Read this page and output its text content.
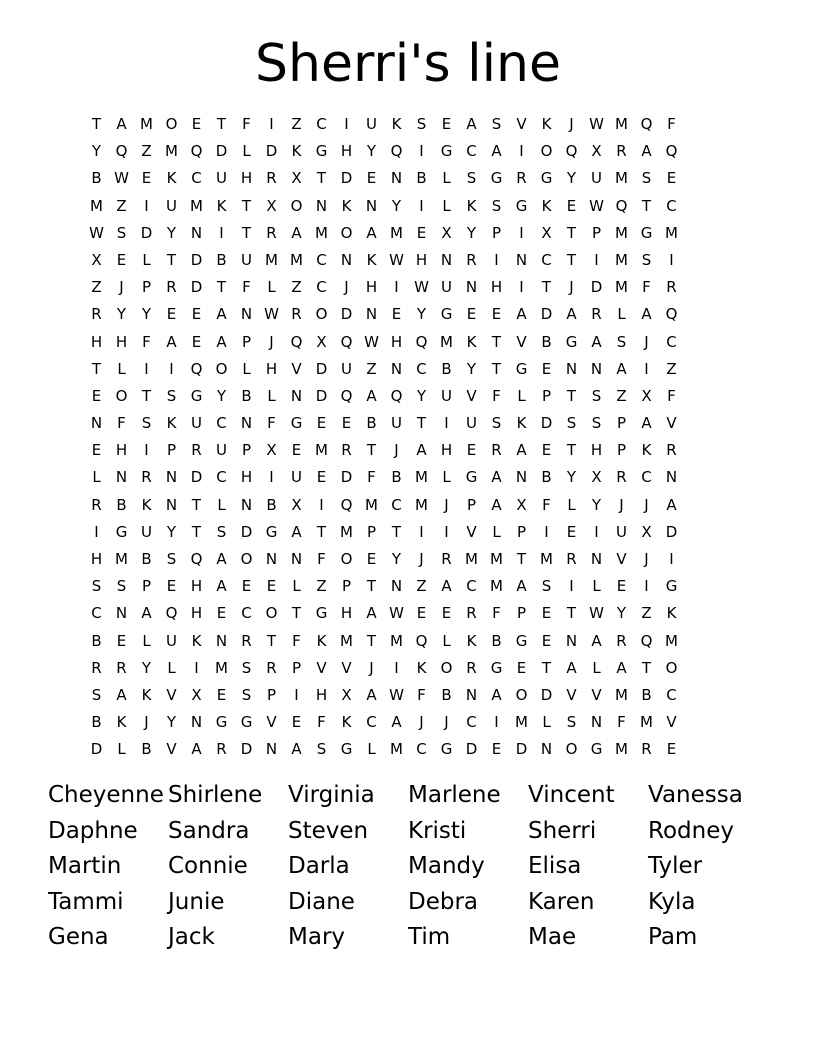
Sherri's line
T	A M O E	T	F	I	Z C	I	U K	S	E	A	S	V K	J	W M Q F
Y Q Z M Q D	L	D K G H Y Q	I	G C A	I	O Q X R A Q
B W E	K C U H R X	T D E N B	L	S G R G Y U M S	E
M Z	I	U M K	T	X O N K N Y	I	L	K	S G K	E W Q T	C
W S D Y N	I	T	R A M O A M E	X	Y	P	I	X	T	P M G M
X	E	L	T D B U M M C N K W H N R	I	N C	T	I	M S	I
Z	J	P	R D T	F	L	Z C	J	H	I	W U N H	I	T	J	D M F	R
R	Y	Y	E	E	A N W R O D N E	Y G E	E	A D A R	L	A Q
H H	F	A	E	A	P	J	Q X Q W H Q M K	T	V B G A	S	J	C
T	L	I	I	Q O L	H V D U Z N C B	Y	T G E N N A	I	Z
E O T	S G Y	B	L	N D Q A Q Y U V	F	L	P	T	S	Z X	F
N	F	S	K U C N	F G E	E	B U T	I	U S	K D S	S	P	A V
E H	I	P	R U P	X	E M R	T	J	A H E	R A	E	T H P	K R
L	N R N D C H	I	U E D F	B M L	G A N B	Y	X R C N
R B K N T	L	N B X	I	Q M C M	J	P	A X	F	L	Y	J	J	A
I	G U Y	T	S D G A	T M P	T	I	I	V	L	P	I	E	I	U X D
H M B	S Q A O N N	F O E	Y	J	R M M T M R N V	J	I
S	S	P	E H A	E	E	L	Z	P	T N Z A C M A	S	I	L	E	I	G
C N A Q H E	C O T G H A W E	E	R	F	P	E	T W Y	Z K
B	E	L	U K N R	T	F	K M T M Q L	K B G E N A R Q M
R R	Y	L	I	M S	R	P	V V	J	I	K O R G E	T	A	L	A	T O
S	A K V X	E	S	P	I	H X A W F	B N A O D V V M B C
B K	J	Y N G G V	E	F	K C A	J	J	C	I	M L	S N	F M V
D	L	B V A R D N A	S G	L M C G D E D N O G M R	E
Cheyenne Shirlene	Virginia	Marlene	Vincent	Vanessa
Daphne	Sandra	Steven	Kristi	Sherri	Rodney
Martin	Connie	Darla	Mandy	Elisa	Tyler
Tammi	Junie	Diane	Debra	Karen	Kyla
Gena	Jack	Mary	Tim	Mae	Pam
